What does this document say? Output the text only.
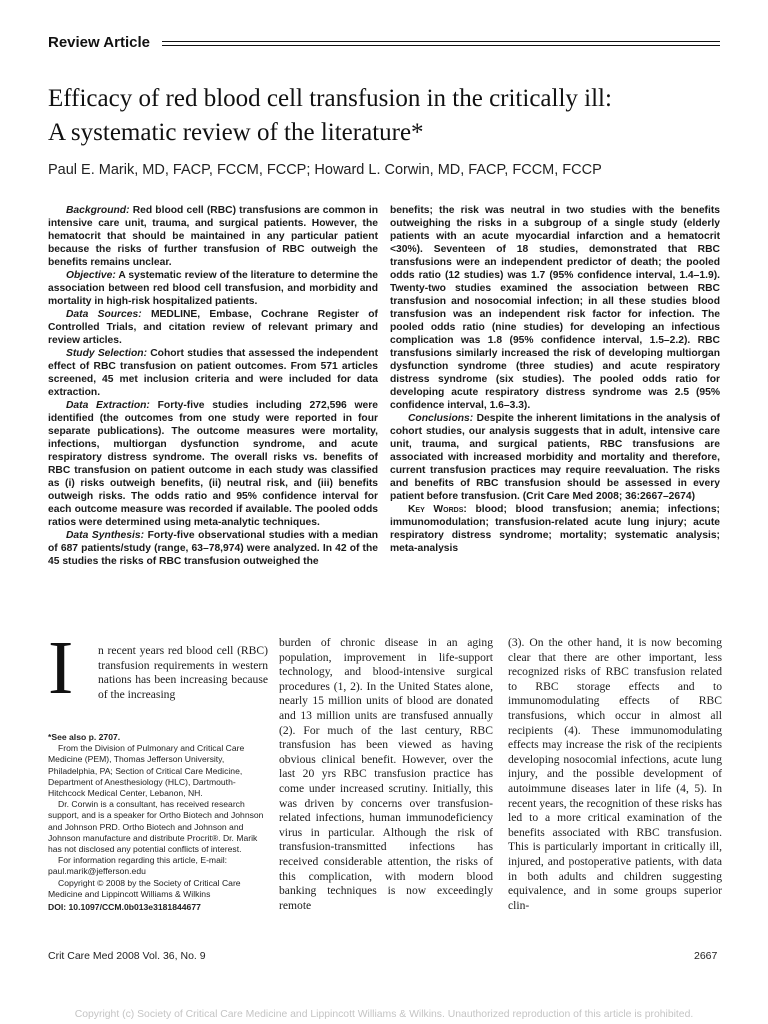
Review Article
Efficacy of red blood cell transfusion in the critically ill:
A systematic review of the literature*
Paul E. Marik, MD, FACP, FCCM, FCCP; Howard L. Corwin, MD, FACP, FCCM, FCCP

Background: Red blood cell (RBC) transfusions are common in intensive care unit, trauma, and surgical patients. However, the hematocrit that should be maintained in any particular patient because the risks of further transfusion of RBC outweigh the benefits remains unclear.

Objective: A systematic review of the literature to determine the association between red blood cell transfusion, and morbidity and mortality in high-risk hospitalized patients.

Data Sources: MEDLINE, Embase, Cochrane Register of Controlled Trials, and citation review of relevant primary and review articles.

Study Selection: Cohort studies that assessed the independent effect of RBC transfusion on patient outcomes. From 571 articles screened, 45 met inclusion criteria and were included for data extraction.

Data Extraction: Forty-five studies including 272,596 were identified (the outcomes from one study were reported in four separate publications). The outcome measures were mortality, infections, multiorgan dysfunction syndrome, and acute respiratory distress syndrome. The overall risks vs. benefits of RBC transfusion on patient outcome in each study was classified as (i) risks outweigh benefits, (ii) neutral risk, and (iii) benefits outweigh risks. The odds ratio and 95% confidence interval for each outcome measure was recorded if available. The pooled odds ratios were determined using meta-analytic techniques.

Data Synthesis: Forty-five observational studies with a median of 687 patients/study (range, 63–78,974) were analyzed. In 42 of the 45 studies the risks of RBC transfusion outweighed the

benefits; the risk was neutral in two studies with the benefits outweighing the risks in a subgroup of a single study (elderly patients with an acute myocardial infarction and a hematocrit <30%). Seventeen of 18 studies, demonstrated that RBC transfusions were an independent predictor of death; the pooled odds ratio (12 studies) was 1.7 (95% confidence interval, 1.4–1.9). Twenty-two studies examined the association between RBC transfusion and nosocomial infection; in all these studies blood transfusion was an independent risk factor for infection. The pooled odds ratio (nine studies) for developing an infectious complication was 1.8 (95% confidence interval, 1.5–2.2). RBC transfusions similarly increased the risk of developing multiorgan dysfunction syndrome (three studies) and acute respiratory distress syndrome (six studies). The pooled odds ratio for developing acute respiratory distress syndrome was 2.5 (95% confidence interval, 1.6–3.3).

Conclusions: Despite the inherent limitations in the analysis of cohort studies, our analysis suggests that in adult, intensive care unit, trauma, and surgical patients, RBC transfusions are associated with increased morbidity and mortality and therefore, current transfusion practices may require reevaluation. The risks and benefits of RBC transfusion should be assessed in every patient before transfusion. (Crit Care Med 2008; 36:2667–2674)

Key Words: blood; blood transfusion; anemia; infections; immunomodulation; transfusion-related acute lung injury; acute respiratory distress syndrome; mortality; systematic analysis; meta-analysis

I n recent years red blood cell (RBC) transfusion requirements in western nations has been increasing because of the increasing

burden of chronic disease in an aging population, improvement in life-support technology, and blood-intensive surgical procedures (1, 2). In the United States alone, nearly 15 million units of blood are donated and 13 million units are transfused annually (2). For much of the last century, RBC transfusion has been viewed as having obvious clinical benefit. However, over the last 20 yrs RBC transfusion practice has come under increased scrutiny. Initially, this was driven by concerns over transfusion-related infections, human immunodeficiency virus in particular. Although the risk of transfusion-transmitted infections has received considerable attention, the risks of this complication, with modern blood banking techniques is now exceedingly remote

(3). On the other hand, it is now becoming clear that there are other important, less recognized risks of RBC transfusion related to RBC storage effects and to immunomodulating effects of RBC transfusions, which occur in almost all recipients (4). These immunomodulating effects may increase the risk of the recipients developing nosocomial infections, acute lung injury, and the possible development of autoimmune diseases later in life (4, 5). In recent years, the recognition of these risks has led to a more critical examination of the benefits associated with RBC transfusion. This is particularly important in critically ill, injured, and postoperative patients, with data in both adults and children suggesting equivalence, and in some groups superior clin-

*See also p. 2707.

From the Division of Pulmonary and Critical Care Medicine (PEM), Thomas Jefferson University, Philadelphia, PA; Section of Critical Care Medicine, Department of Anesthesiology (HLC), Dartmouth-Hitchcock Medical Center, Lebanon, NH.

Dr. Corwin is a consultant, has received research support, and is a speaker for Ortho Biotech and Johnson and Johnson PRD. Ortho Biotech and Johnson and Johnson manufacture and distribute Procrit®. Dr. Marik has not disclosed any potential conflicts of interest.

For information regarding this article, E-mail: paul.marik@jefferson.edu

Copyright © 2008 by the Society of Critical Care Medicine and Lippincott Williams & Wilkins

DOI: 10.1097/CCM.0b013e3181844677

Crit Care Med 2008 Vol. 36, No. 9	2667
Copyright (c) Society of Critical Care Medicine and Lippincott Williams & Wilkins. Unauthorized reproduction of this article is prohibited.
